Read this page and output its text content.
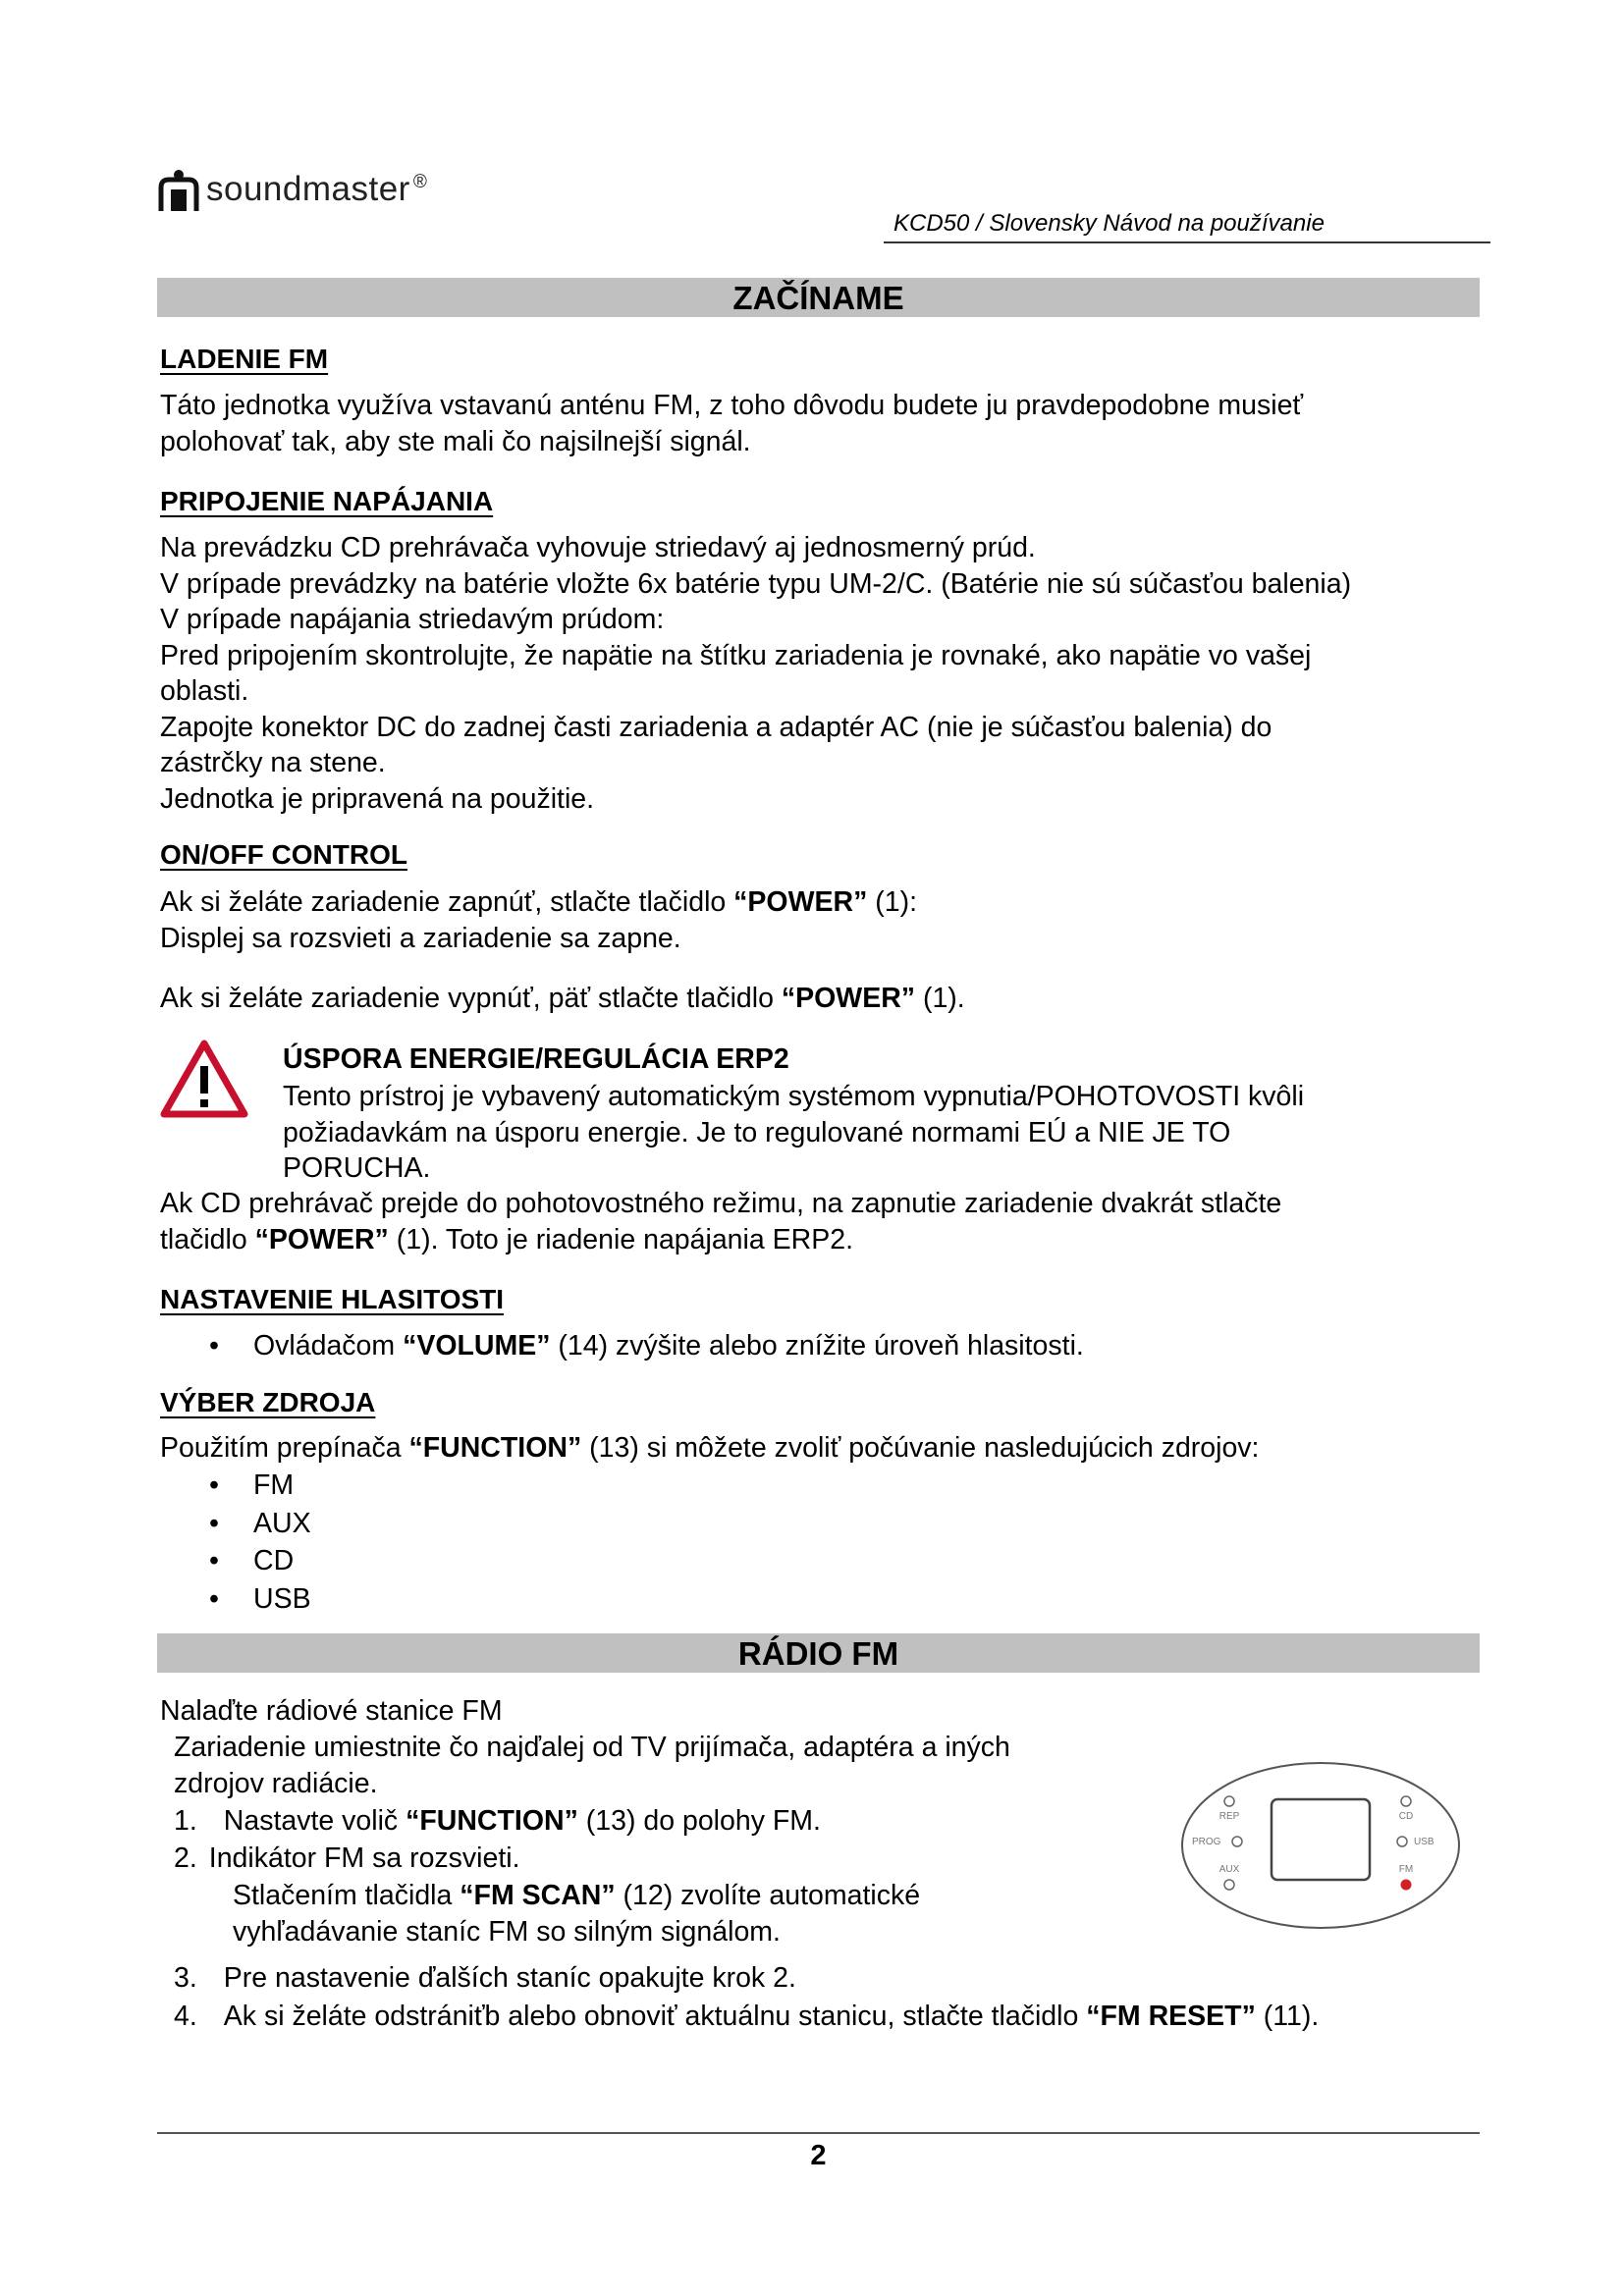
soundmaster ®
KCD50 / Slovensky Návod na používanie
ZAČÍNAME
LADENIE FM
Táto jednotka využíva vstavanú anténu FM, z toho dôvodu budete ju pravdepodobne musieť
polohovať tak, aby ste mali čo najsilnejší signál.
PRIPOJENIE NAPÁJANIA
Na prevádzku CD prehrávača vyhovuje striedavý aj jednosmerný prúd.
V prípade prevádzky na batérie vložte 6x batérie typu UM-2/C. (Batérie nie sú súčasťou balenia)
V prípade napájania striedavým prúdom:
Pred pripojením skontrolujte, že napätie na štítku zariadenia je rovnaké, ako napätie vo vašej
oblasti.
Zapojte konektor DC do zadnej časti zariadenia a adaptér AC (nie je súčasťou balenia) do
zástrčky na stene.
Jednotka je pripravená na použitie.
ON/OFF CONTROL
Ak si želáte zariadenie zapnúť, stlačte tlačidlo “POWER” (1):
Displej sa rozsvieti a zariadenie sa zapne.
Ak si želáte zariadenie vypnúť, päť stlačte tlačidlo “POWER” (1).
ÚSPORA ENERGIE/REGULÁCIA ERP2
Tento prístroj je vybavený automatickým systémom vypnutia/POHOTOVOSTI kvôli
požiadavkám na úsporu energie. Je to regulované normami EÚ a NIE JE TO
PORUCHA.
Ak CD prehrávač prejde do pohotovostného režimu, na zapnutie zariadenie dvakrát stlačte
tlačidlo “POWER” (1). Toto je riadenie napájania ERP2.
NASTAVENIE HLASITOSTI
• Ovládačom “VOLUME” (14) zvýšite alebo znížite úroveň hlasitosti.
VÝBER ZDROJA
Použitím prepínača “FUNCTION” (13) si môžete zvoliť počúvanie nasledujúcich zdrojov:
• FM
• AUX
• CD
• USB
RÁDIO FM
Nalaďte rádiové stanice FM
Zariadenie umiestnite čo najďalej od TV prijímača, adaptéra a iných
zdrojov radiácie.
1. Nastavte volič “FUNCTION” (13) do polohy FM.
2. Indikátor FM sa rozsvieti.
Stlačením tlačidla “FM SCAN” (12) zvolíte automatické
vyhľadávanie staníc FM so silným signálom.
3. Pre nastavenie ďalších staníc opakujte krok 2.
4. Ak si želáte odstrániťb alebo obnoviť aktuálnu stanicu, stlačte tlačidlo “FM RESET” (11).
REP	CD
PROG	USB
AUX	FM
2
